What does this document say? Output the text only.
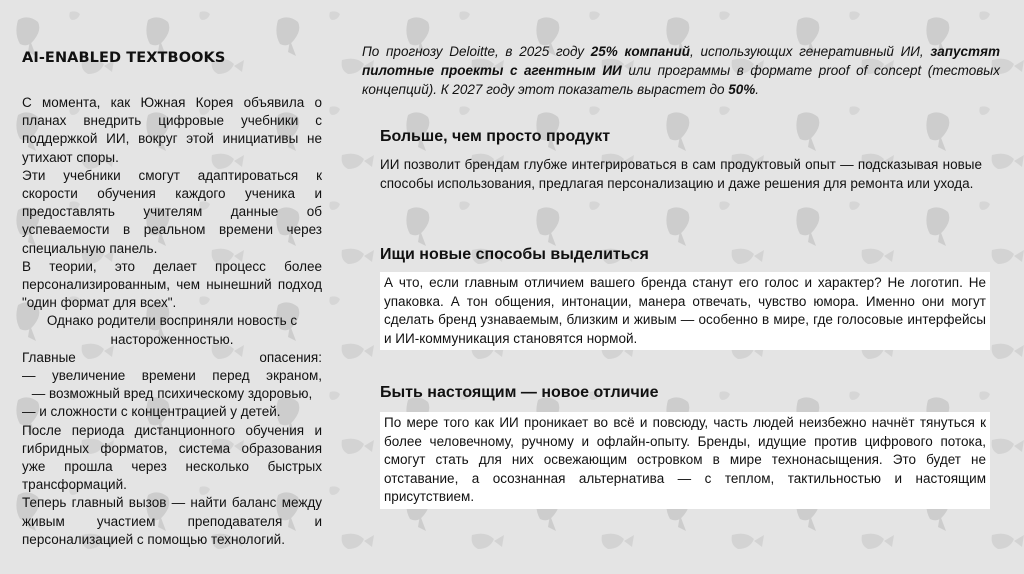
AI-ENABLED TEXTBOOKS

С момента, как Южная Корея объявила о планах внедрить цифровые учебники с поддержкой ИИ, вокруг этой инициативы не утихают споры.

Эти учебники смогут адаптироваться к скорости обучения каждого ученика и предоставлять учителям данные об успеваемости в реальном времени через специальную панель.

В теории, это делает процесс более персонализированным, чем нынешний подход "один формат для всех".

Однако родители восприняли новость с настороженностью.

Главные опасения:

— увеличение времени перед экраном,

— возможный вред психическому здоровью,

— и сложности с концентрацией у детей.

После периода дистанционного обучения и гибридных форматов, система образования уже прошла через несколько быстрых трансформаций.

Теперь главный вызов — найти баланс между живым участием преподавателя и персонализацией с помощью технологий.

По прогнозу Deloitte, в 2025 году 25% компаний, использующих генеративный ИИ, запустят пилотные проекты с агентным ИИ или программы в формате proof of concept (тестовых концепций). К 2027 году этот показатель вырастет до 50%.
Больше, чем просто продукт
ИИ позволит брендам глубже интегрироваться в сам продуктовый опыт — подсказывая новые способы использования, предлагая персонализацию и даже решения для ремонта или ухода.
Ищи новые способы выделиться
А что, если главным отличием вашего бренда станут его голос и характер? Не логотип. Не упаковка. А тон общения, интонации, манера отвечать, чувство юмора. Именно они могут сделать бренд узнаваемым, близким и живым — особенно в мире, где голосовые интерфейсы и ИИ-коммуникация становятся нормой.
Быть настоящим — новое отличие
По мере того как ИИ проникает во всё и повсюду, часть людей неизбежно начнёт тянуться к более человечному, ручному и офлайн-опыту. Бренды, идущие против цифрового потока, смогут стать для них освежающим островком в мире технонасыщения. Это будет не отставание, а осознанная альтернатива — с теплом, тактильностью и настоящим присутствием.
